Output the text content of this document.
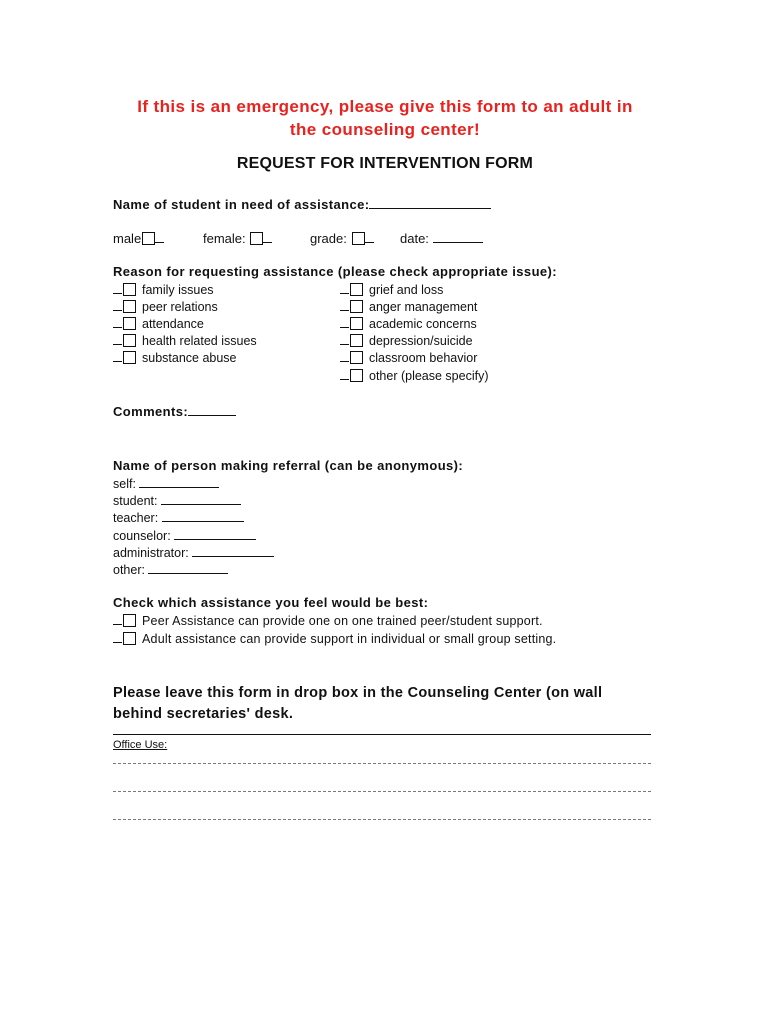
If this is an emergency, please give this form to an adult in
the counseling center!
REQUEST FOR INTERVENTION FORM
Name of student in need of assistance:
male	female:	grade:	date:
Reason for requesting assistance (please check appropriate issue):
family issues
peer relations
attendance
health related issues
substance abuse
grief and loss
anger management
academic concerns
depression/suicide
classroom behavior
other (please specify)
Comments:
Name of person making referral (can be anonymous):
self:
student:
teacher:
counselor:
administrator:
other:
Check which assistance you feel would be best:
Peer Assistance can provide one on one trained peer/student support.
Adult assistance can provide support in individual or small group setting.
Please leave this form in drop box in the Counseling Center (on wall
behind secretaries' desk.
Office Use:
